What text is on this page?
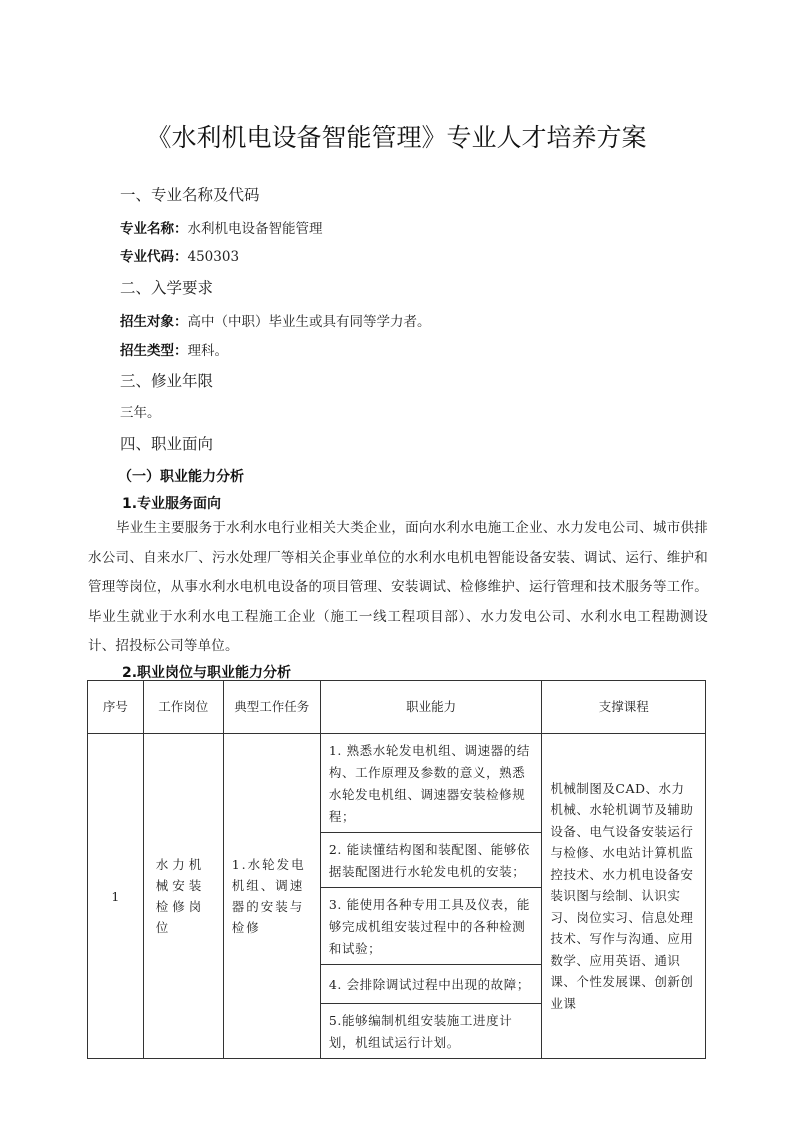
《水利机电设备智能管理》专业人才培养方案
一、专业名称及代码
专业名称：水利机电设备智能管理
专业代码：450303
二、入学要求
招生对象：高中（中职）毕业生或具有同等学力者。
招生类型：理科。
三、修业年限
三年。
四、职业面向
（一）职业能力分析
1.专业服务面向
毕业生主要服务于水利水电行业相关大类企业，面向水利水电施工企业、水力发电公司、城市供排水公司、自来水厂、污水处理厂等相关企事业单位的水利水电机电智能设备安装、调试、运行、维护和管理等岗位，从事水利水电机电设备的项目管理、安装调试、检修维护、运行管理和技术服务等工作。毕业生就业于水利水电工程施工企业（施工一线工程项目部）、水力发电公司、水利水电工程勘测设计、招投标公司等单位。
2.职业岗位与职业能力分析
序号	工作岗位	典型工作任务	职业能力	支撑课程
1	水力机械安装检修岗位	1.水轮发电机组、调速器的安装与检修	1. 熟悉水轮发电机组、调速器的结构、工作原理及参数的意义，熟悉水轮发电机组、调速器安装检修规程；	机械制图及CAD、水力机械、水轮机调节及辅助设备、电气设备安装运行与检修、水电站计算机监控技术、水力机电设备安装识图与绘制、认识实习、岗位实习、信息处理技术、写作与沟通、应用数学、应用英语、通识课、个性发展课、创新创业课
			2. 能读懂结构图和装配图、能够依据装配图进行水轮发电机的安装；	
			3. 能使用各种专用工具及仪表，能够完成机组安装过程中的各种检测和试验；	
			4. 会排除调试过程中出现的故障；	
			5.能够编制机组安装施工进度计划，机组试运行计划。	
